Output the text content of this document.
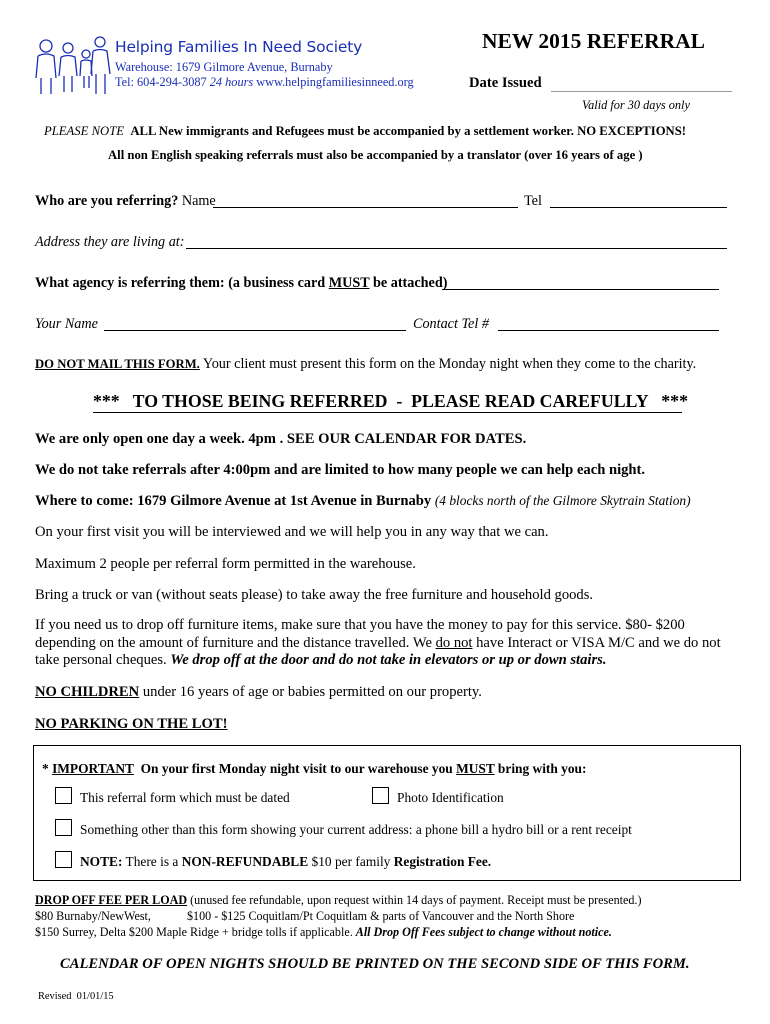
Helping Families In Need Society
Warehouse: 1679 Gilmore Avenue, Burnaby
Tel: 604-294-3087 24 hours www.helpingfamiliesinneed.org
NEW 2015 REFERRAL
Date Issued
Valid for 30 days only
PLEASE NOTE ALL New immigrants and Refugees must be accompanied by a settlement worker. NO EXCEPTIONS!
All non English speaking referrals must also be accompanied by a translator (over 16 years of age )
Who are you referring? Name	Tel
Address they are living at:
What agency is referring them: (a business card MUST be attached)
Your Name	Contact Tel #
DO NOT MAIL THIS FORM. Your client must present this form on the Monday night when they come to the charity.
***   TO THOSE BEING REFERRED  -  PLEASE READ CAREFULLY   ***
We are only open one day a week. 4pm . SEE OUR CALENDAR FOR DATES.
We do not take referrals after 4:00pm and are limited to how many people we can help each night.
Where to come: 1679 Gilmore Avenue at 1st Avenue in Burnaby (4 blocks north of the Gilmore Skytrain Station)
On your first visit you will be interviewed and we will help you in any way that we can.
Maximum 2 people per referral form permitted in the warehouse.
Bring a truck or van (without seats please) to take away the free furniture and household goods.
If you need us to drop off furniture items, make sure that you have the money to pay for this service. $80- $200 depending on the amount of furniture and the distance travelled. We do not have Interact or VISA M/C and we do not take personal cheques. We drop off at the door and do not take in elevators or up or down stairs.
NO CHILDREN under 16 years of age or babies permitted on our property.
NO PARKING ON THE LOT!
* IMPORTANT On your first Monday night visit to our warehouse you MUST bring with you:
This referral form which must be dated	Photo Identification
Something other than this form showing your current address: a phone bill a hydro bill or a rent receipt
NOTE: There is a NON-REFUNDABLE $10 per family Registration Fee.
DROP OFF FEE PER LOAD (unused fee refundable, upon request within 14 days of payment. Receipt must be presented.)
$80 Burnaby/NewWest,	$100 - $125 Coquitlam/Pt Coquitlam & parts of Vancouver and the North Shore
$150 Surrey, Delta $200 Maple Ridge + bridge tolls if applicable. All Drop Off Fees subject to change without notice.
CALENDAR OF OPEN NIGHTS SHOULD BE PRINTED ON THE SECOND SIDE OF THIS FORM.
Revised  01/01/15
